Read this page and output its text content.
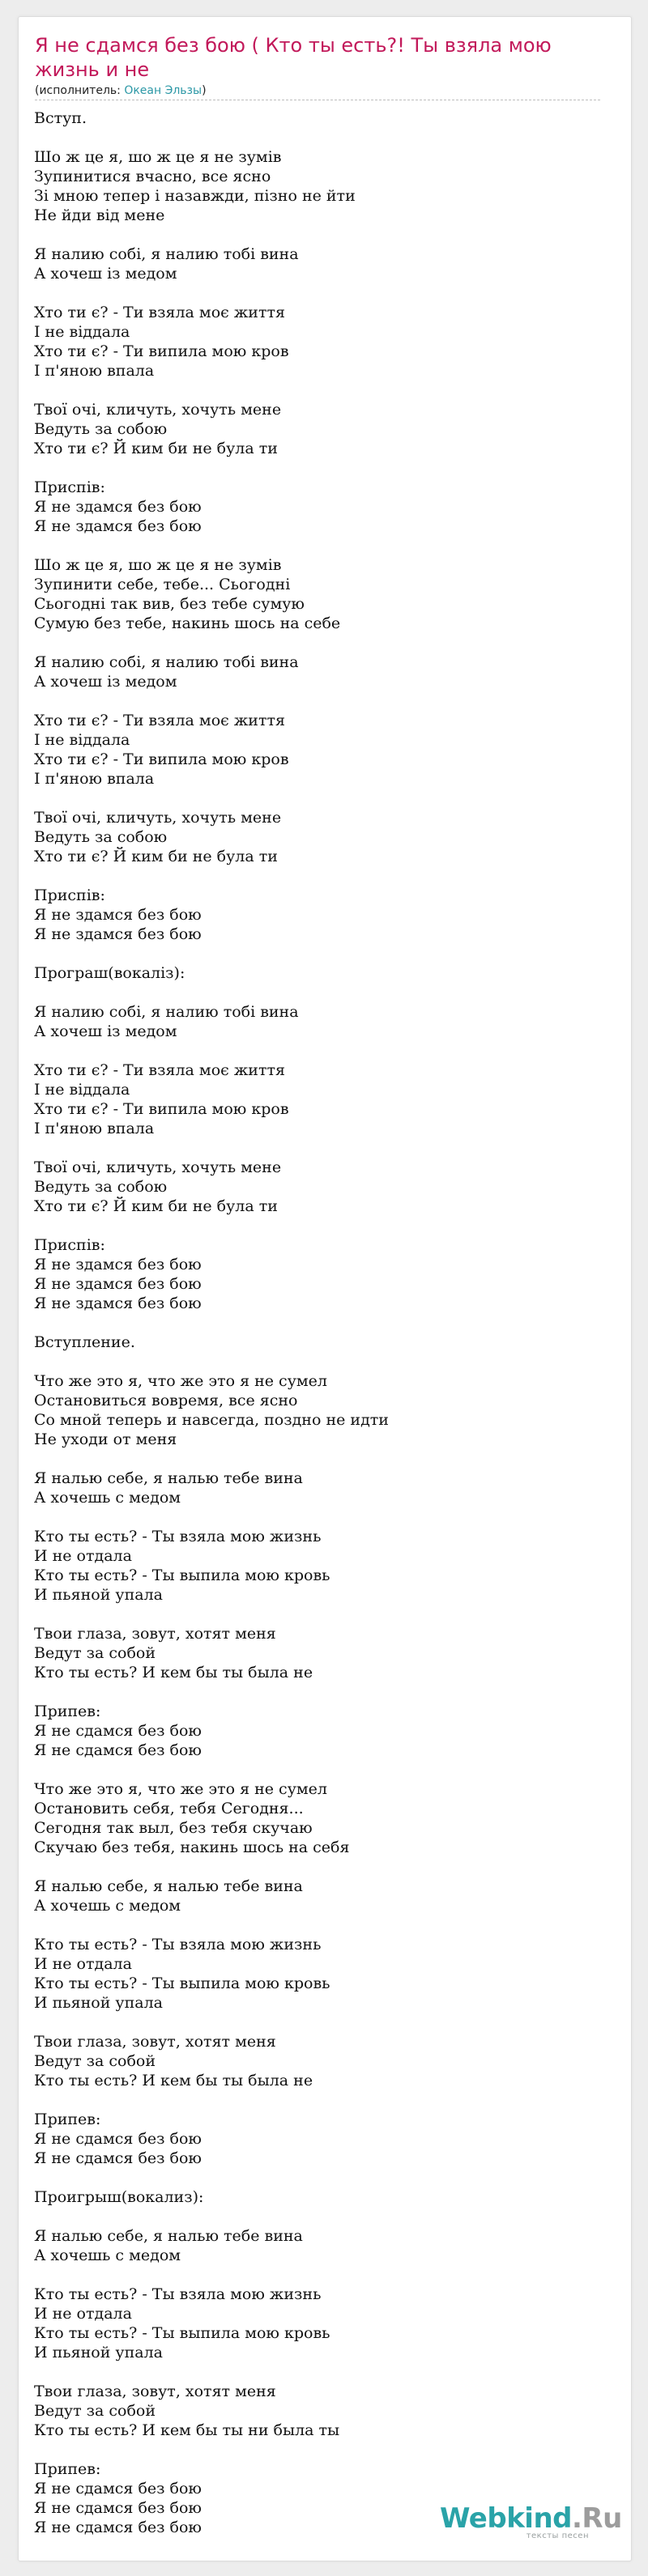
Я не сдамся без бою ( Кто ты есть?! Ты взяла мою жизнь и не
(исполнитель: Океан Эльзы)
Вступ.

Шо ж це я, шо ж це я не зумів
Зупинитися вчасно, все ясно
Зі мною тепер і назавжди, пізно не йти
Не йди від мене

Я налию собі, я налию тобі вина
А хочеш із медом

Хто ти є? - Ти взяла моє життя
І не віддала
Хто ти є? - Ти випила мою кров
І п'яною впала

Твої очі, кличуть, хочуть мене
Ведуть за собою
Хто ти є? Й ким би не була ти

Приспів:
Я не здамся без бою
Я не здамся без бою

Шо ж це я, шо ж це я не зумів
Зупинити себе, тебе... Сьогодні
Сьогодні так вив, без тебе сумую
Сумую без тебе, накинь шось на себе

Я налию собі, я налию тобі вина
А хочеш із медом

Хто ти є? - Ти взяла моє життя
І не віддала
Хто ти є? - Ти випила мою кров
І п'яною впала

Твої очі, кличуть, хочуть мене
Ведуть за собою
Хто ти є? Й ким би не була ти

Приспів:
Я не здамся без бою
Я не здамся без бою

Програш(вокаліз):

Я налию собі, я налию тобі вина
А хочеш із медом

Хто ти є? - Ти взяла моє життя
І не віддала
Хто ти є? - Ти випила мою кров
І п'яною впала

Твої очі, кличуть, хочуть мене
Ведуть за собою
Хто ти є? Й ким би не була ти

Приспів:
Я не здамся без бою
Я не здамся без бою
Я не здамся без бою

Вступление.

Что же это я, что же это я не сумел
Остановиться вовремя, все ясно
Со мной теперь и навсегда, поздно не идти
Не уходи от меня

Я налью себе, я налью тебе вина
А хочешь с медом

Кто ты есть? - Ты взяла мою жизнь
И не отдала
Кто ты есть? - Ты выпила мою кровь
И пьяной упала

Твои глаза, зовут, хотят меня
Ведут за собой
Кто ты есть? И кем бы ты была не

Припев:
Я не сдамся без бою
Я не сдамся без бою

Что же это я, что же это я не сумел
Остановить себя, тебя Сегодня...
Сегодня так выл, без тебя скучаю
Скучаю без тебя, накинь шось на себя

Я налью себе, я налью тебе вина
А хочешь с медом

Кто ты есть? - Ты взяла мою жизнь
И не отдала
Кто ты есть? - Ты выпила мою кровь
И пьяной упала

Твои глаза, зовут, хотят меня
Ведут за собой
Кто ты есть? И кем бы ты была не

Припев:
Я не сдамся без бою
Я не сдамся без бою

Проигрыш(вокализ):

Я налью себе, я налью тебе вина
А хочешь с медом

Кто ты есть? - Ты взяла мою жизнь
И не отдала
Кто ты есть? - Ты выпила мою кровь
И пьяной упала

Твои глаза, зовут, хотят меня
Ведут за собой
Кто ты есть? И кем бы ты ни была ты

Припев:
Я не сдамся без бою
Я не сдамся без бою
Я не сдамся без бою	Webkind.Ru
тексты песен
